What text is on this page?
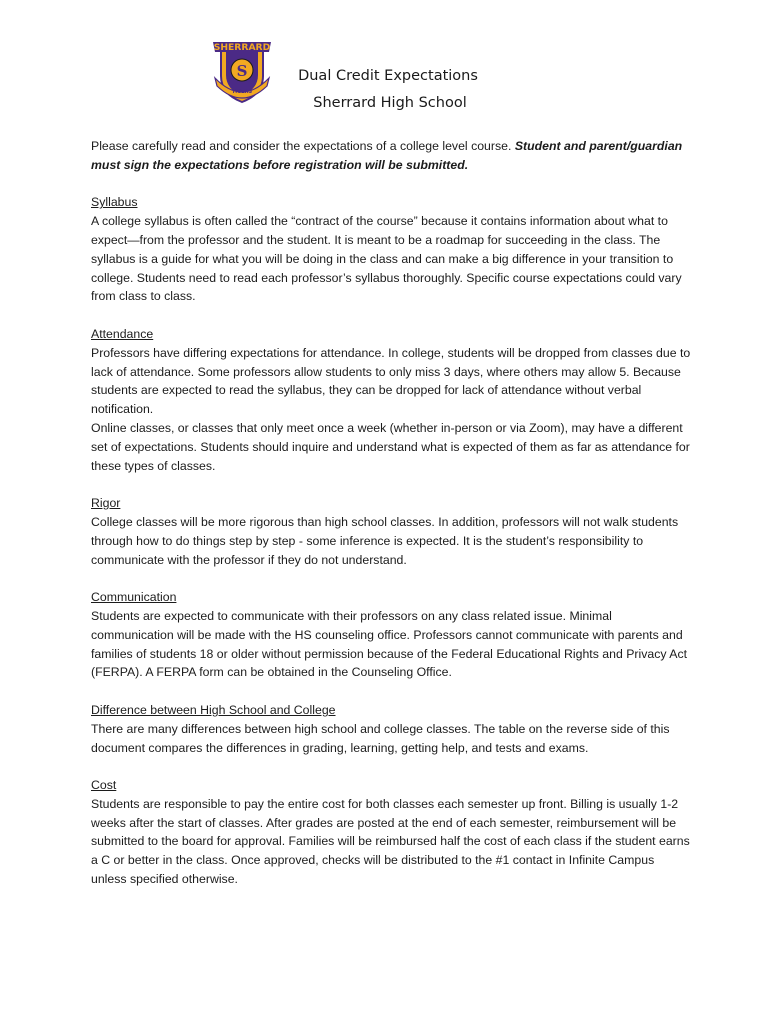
SHERRARD
S
TIGERS
Dual Credit Expectations
Sherrard High School

Please carefully read and consider the expectations of a college level course. Student and parent/guardian must sign the expectations before registration will be submitted.

Syllabus

A college syllabus is often called the “contract of the course” because it contains information about what to expect—from the professor and the student. It is meant to be a roadmap for succeeding in the class. The syllabus is a guide for what you will be doing in the class and can make a big difference in your transition to college. Students need to read each professor’s syllabus thoroughly. Specific course expectations could vary from class to class.

Attendance

Professors have differing expectations for attendance. In college, students will be dropped from classes due to lack of attendance. Some professors allow students to only miss 3 days, where others may allow 5. Because students are expected to read the syllabus, they can be dropped for lack of attendance without verbal notification.

Online classes, or classes that only meet once a week (whether in-person or via Zoom), may have a different set of expectations. Students should inquire and understand what is expected of them as far as attendance for these types of classes.

Rigor

College classes will be more rigorous than high school classes. In addition, professors will not walk students through how to do things step by step - some inference is expected. It is the student’s responsibility to communicate with the professor if they do not understand.

Communication

Students are expected to communicate with their professors on any class related issue. Minimal communication will be made with the HS counseling office. Professors cannot communicate with parents and families of students 18 or older without permission because of the Federal Educational Rights and Privacy Act (FERPA). A FERPA form can be obtained in the Counseling Office.

Difference between High School and College

There are many differences between high school and college classes. The table on the reverse side of this document compares the differences in grading, learning, getting help, and tests and exams.

Cost

Students are responsible to pay the entire cost for both classes each semester up front. Billing is usually 1-2 weeks after the start of classes. After grades are posted at the end of each semester, reimbursement will be submitted to the board for approval. Families will be reimbursed half the cost of each class if the student earns a C or better in the class. Once approved, checks will be distributed to the #1 contact in Infinite Campus unless specified otherwise.
